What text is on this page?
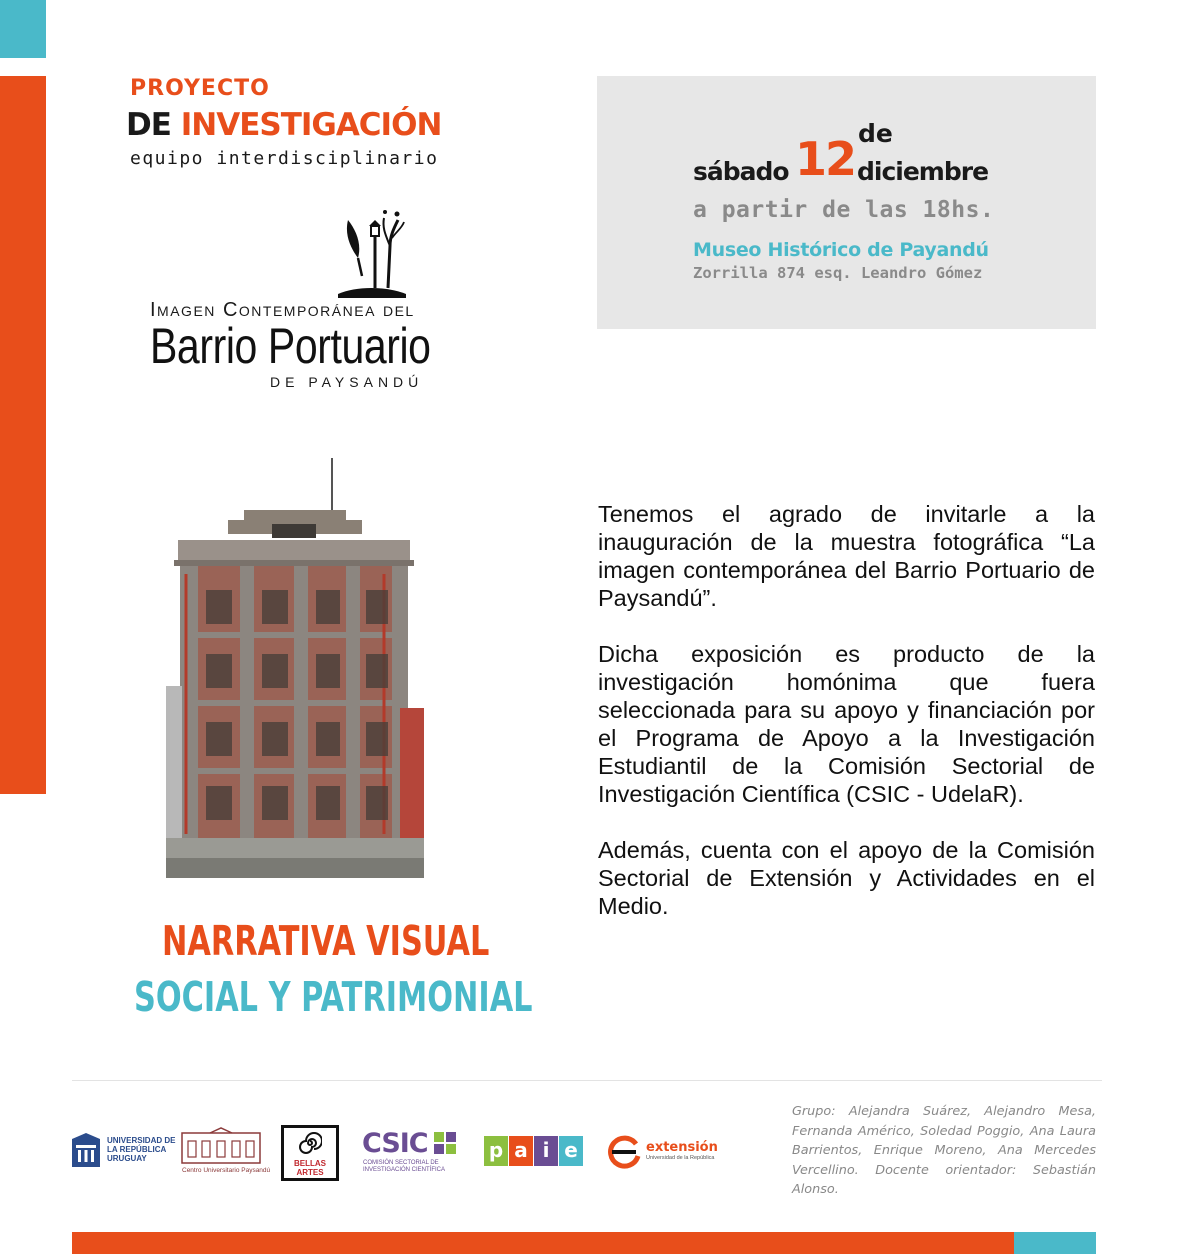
PROYECTO
DE INVESTIGACIÓN
equipo interdisciplinario
Imagen Contemporánea del
Barrio Portuario
DE PAYSANDÚ
sábado 12 de
diciembre
a partir de las 18hs.
Museo Histórico de Payandú
Zorrilla 874 esq. Leandro Gómez
NARRATIVA VISUAL
SOCIAL Y PATRIMONIAL

Tenemos el agrado de invitarle a la inauguración de la muestra fotográfica “La imagen contemporánea del Barrio Portuario de Paysandú”.

Dicha exposición es producto de la investigación homónima que fuera seleccionada para su apoyo y financiación por el Programa de Apoyo a la Investigación Estudiantil de la Comisión Sectorial de Investigación Científica (CSIC - UdelaR).

Además, cuenta con el apoyo de la Comisión Sectorial de Extensión y Actividades en el Medio.

Grupo: Alejandra Suárez, Alejandro Mesa, Fernanda Américo, Soledad Poggio, Ana Laura Barrientos, Enrique Moreno, Ana Mercedes Vercellino. Docente orientador: Sebastián Alonso.
UNIVERSIDAD DE LA REPÚBLICA URUGUAY
Centro Universitario Paysandú
BELLAS ARTES
CSIC
COMISIÓN SECTORIAL DE INVESTIGACIÓN CIENTÍFICA
p a i e	extensión
Universidad de la República
